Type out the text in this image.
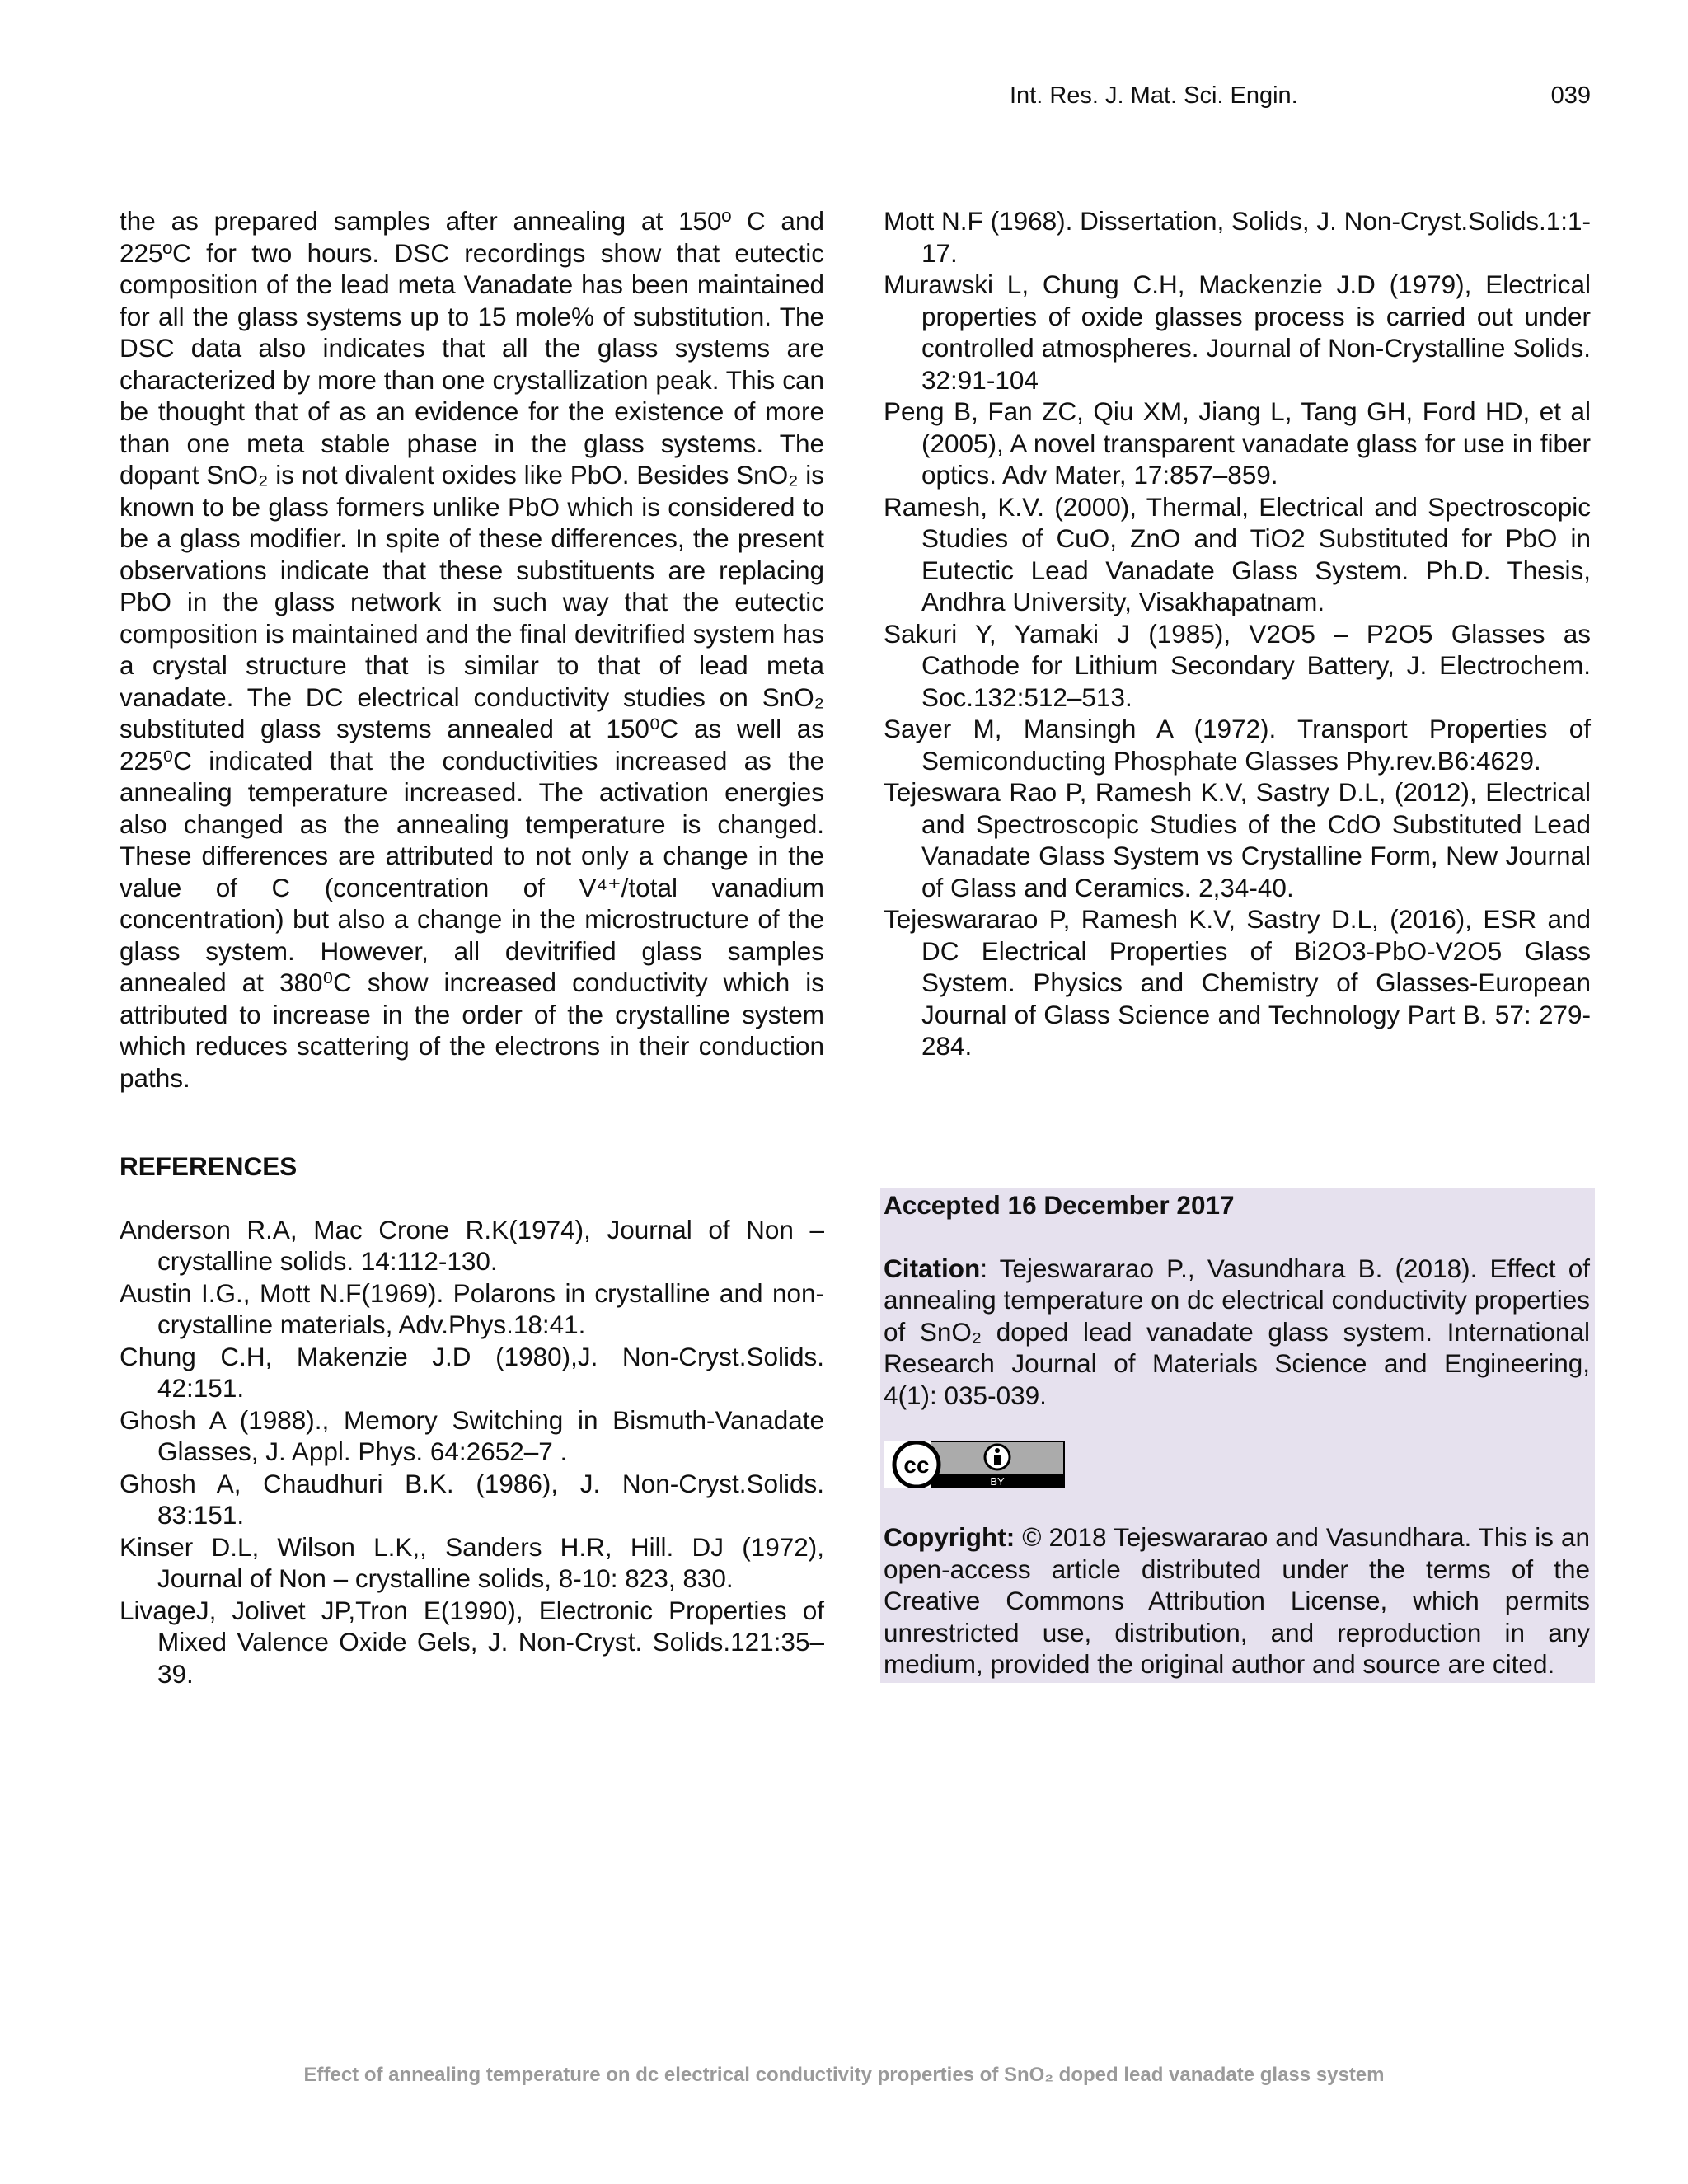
Int. Res. J. Mat. Sci. Engin.	039

the as prepared samples after annealing at 150º C and 225ºC for two hours. DSC recordings show that eutectic composition of the lead meta Vanadate has been maintained for all the glass systems up to 15 mole% of substitution. The DSC data also indicates that all the glass systems are characterized by more than one crystallization peak. This can be thought that of as an evidence for the existence of more than one meta stable phase in the glass systems. The dopant SnO₂ is not divalent oxides like PbO. Besides SnO₂ is known to be glass formers unlike PbO which is considered to be a glass modifier. In spite of these differences, the present observations indicate that these substituents are replacing PbO in the glass network in such way that the eutectic composition is maintained and the final devitrified system has a crystal structure that is similar to that of lead meta vanadate. The DC electrical conductivity studies on SnO₂ substituted glass systems annealed at 150⁰C as well as 225⁰C indicated that the conductivities increased as the annealing temperature increased. The activation energies also changed as the annealing temperature is changed. These differences are attributed to not only a change in the value of C (concentration of V⁴⁺/total vanadium concentration) but also a change in the microstructure of the glass system. However, all devitrified glass samples annealed at 380⁰C show increased conductivity which is attributed to increase in the order of the crystalline system which reduces scattering of the electrons in their conduction paths.

REFERENCES

Anderson R.A, Mac Crone R.K(1974), Journal of Non – crystalline solids. 14:112-130.

Austin I.G., Mott N.F(1969). Polarons in crystalline and non-crystalline materials, Adv.Phys.18:41.

Chung C.H, Makenzie J.D (1980),J. Non-Cryst.Solids. 42:151.

Ghosh A (1988)., Memory Switching in Bismuth-Vanadate Glasses, J. Appl. Phys. 64:2652–7 .

Ghosh A, Chaudhuri B.K. (1986), J. Non-Cryst.Solids. 83:151.

Kinser D.L, Wilson L.K,, Sanders H.R, Hill. DJ (1972), Journal of Non – crystalline solids, 8-10: 823, 830.

LivageJ, Jolivet JP,Tron E(1990), Electronic Properties of Mixed Valence Oxide Gels, J. Non-Cryst. Solids.121:35–39.

Mott N.F (1968). Dissertation, Solids, J. Non-Cryst.Solids.1:1-17.

Murawski L, Chung C.H, Mackenzie J.D (1979), Electrical properties of oxide glasses process is carried out under controlled atmospheres. Journal of Non-Crystalline Solids. 32:91-104

Peng B, Fan ZC, Qiu XM, Jiang L, Tang GH, Ford HD, et al (2005), A novel transparent vanadate glass for use in fiber optics. Adv Mater, 17:857–859.

Ramesh, K.V. (2000), Thermal, Electrical and Spectroscopic Studies of CuO, ZnO and TiO2 Substituted for PbO in Eutectic Lead Vanadate Glass System. Ph.D. Thesis, Andhra University, Visakhapatnam.

Sakuri Y, Yamaki J (1985), V2O5 – P2O5 Glasses as Cathode for Lithium Secondary Battery, J. Electrochem. Soc.132:512–513.

Sayer M, Mansingh A (1972). Transport Properties of Semiconducting Phosphate Glasses Phy.rev.B6:4629.

Tejeswara Rao P, Ramesh K.V, Sastry D.L, (2012), Electrical and Spectroscopic Studies of the CdO Substituted Lead Vanadate Glass System vs Crystalline Form, New Journal of Glass and Ceramics. 2,34-40.

Tejeswararao P, Ramesh K.V, Sastry D.L, (2016), ESR and DC Electrical Properties of Bi2O3-PbO-V2O5 Glass System. Physics and Chemistry of Glasses-European Journal of Glass Science and Technology Part B. 57: 279-284.

Accepted 16 December 2017

Citation: Tejeswararao P., Vasundhara B. (2018). Effect of annealing temperature on dc electrical conductivity properties of SnO₂ doped lead vanadate glass system. International Research Journal of Materials Science and Engineering, 4(1): 035-039.

cc
BY

Copyright: © 2018 Tejeswararao and Vasundhara. This is an open-access article distributed under the terms of the Creative Commons Attribution License, which permits unrestricted use, distribution, and reproduction in any medium, provided the original author and source are cited.

Effect of annealing temperature on dc electrical conductivity properties of SnO₂ doped lead vanadate glass system
